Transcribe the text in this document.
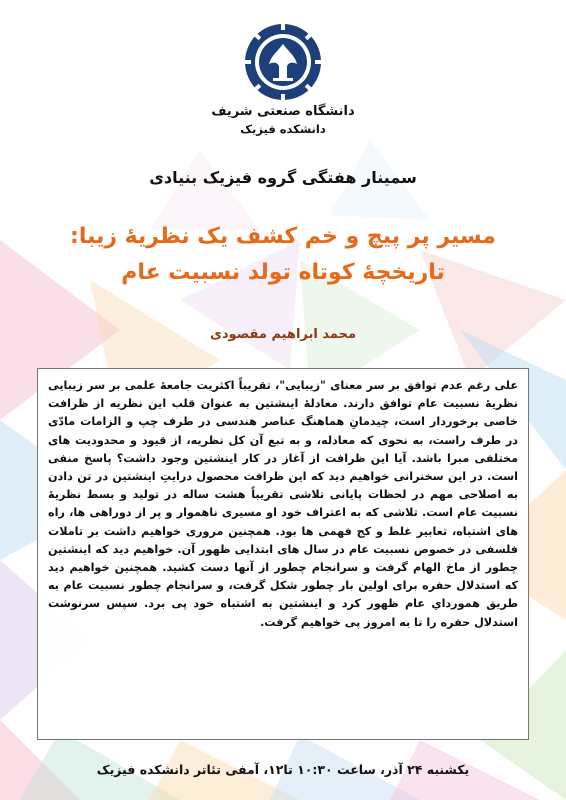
دانشگاه صنعتی شریف
دانشکده فیزیک
سمینار هفتگی گروه فیزیک بنیادی
مسیر پر پیچ و خم کشف یک نظریهٔ زیبا:
تاریخچهٔ کوتاه تولد نسبیت عام
محمد ابراهیم مقصودی

علی رغم عدم توافق بر سر معنای "زیبایی"، تقریباً اکثریت جامعهٔ علمی بر سر زیبایی نظریهٔ نسبیت عام توافق دارند. معادلهٔ اینشتین به عنوان قلب این نظریه از ظرافت خاصی برخوردار است، چیدمانِ هماهنگ عناصر هندسی در طرف چپ و الزامات مادّی در طرف راست، به نحوی که معادله، و به تبع آن کل نظریه، از قیود و محدودیت های مختلفی مبرا باشد. آیا این ظرافت از آغاز در کار اینشتین وجود داشت؟ پاسخ منفی است. در این سخنرانی خواهیم دید که این ظرافت محصول درایتِ اینشتین در تن دادن به اصلاحی مهم در لحظات پایانی تلاشی تقریباً هشت ساله در تولید و بسط نظریهٔ نسبیت عام است. تلاشی که به اعتراف خود او مسیری ناهموار و پر از دوراهی ها، راه های اشتباه، تعابیر غلط و کج فهمی ها بود. همچنین مروری خواهیم داشت بر تاملات فلسفی در خصوص نسبیت عام در سال های ابتدایی ظهور آن. خواهیم دید که اینشتین چطور از ماخ الهام گرفت و سرانجام چطور از آنها دست کشید. همچنین خواهیم دید که استدلال حفره برای اولین بار چطور شکل گرفت، و سرانجام چطور نسبیت عام به طریق همورداي عام ظهور کرد و اینشتین به اشتباه خود پی برد. سپس سرنوشت استدلال حفره را تا به امروز پی خواهیم گرفت.

یکشنبه ۲۴ آذر، ساعت ۱۰:۳۰ تا۱۲، آمفی تئاتر دانشکده فیزیک
